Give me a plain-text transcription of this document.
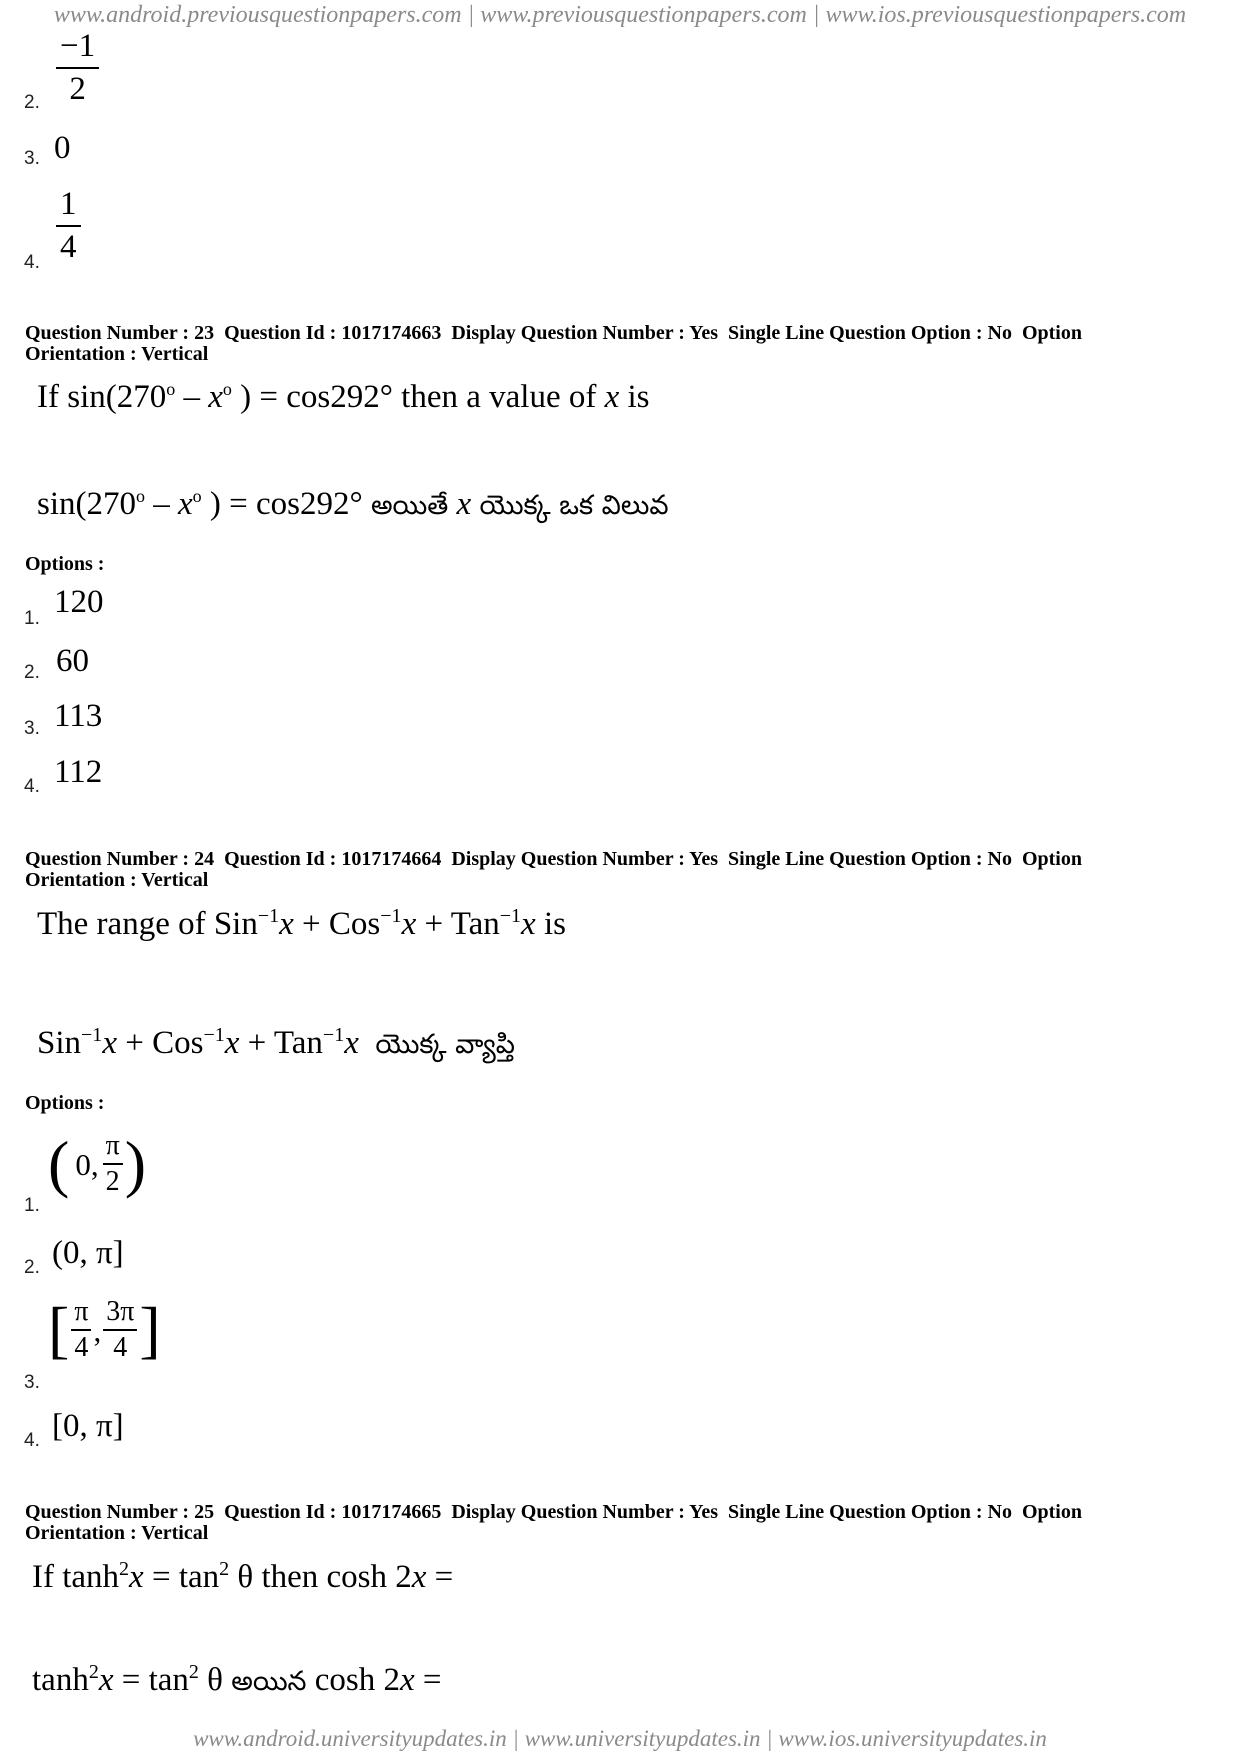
www.android.previousquestionpapers.com | www.previousquestionpapers.com | www.ios.previousquestionpapers.com
www.android.universityupdates.in | www.universityupdates.in | www.ios.universityupdates.in
2. $\frac{-1}{2}$
3. 0
4. $\frac{1}{4}$
Question Number : 23  Question Id : 1017174663  Display Question Number : Yes  Single Line Question Option : No  Option
Orientation : Vertical
If $\sin(270^o - x^o$ ) = cos292° then a value of x is
$\sin(270^o - x^o$ ) = cos292° అయితే x యొక్క ఒక విలువ
Options :
1. 120
2. 60
3. 113
4. 112
Question Number : 24  Question Id : 1017174664  Display Question Number : Yes  Single Line Question Option : No  Option
Orientation : Vertical
The range of Sin$^{-1}$x + Cos$^{-1}$x + Tan$^{-1}$x is
Sin$^{-1}$x + Cos$^{-1}$x + Tan$^{-1}$x యొక్క వ్యాప్తి
Options :
1.
( 0,
π
2 )
2. (0, π]
3.
[ π
4 ,
3π
4 ]
4. [0, π]
Question Number : 25  Question Id : 1017174665  Display Question Number : Yes  Single Line Question Option : No  Option
Orientation : Vertical
If $\tanh^2x = \tan^2 \theta$ then cosh 2x =
$\tanh^2x = \tan^2 \theta$ అయిన cosh 2x =
